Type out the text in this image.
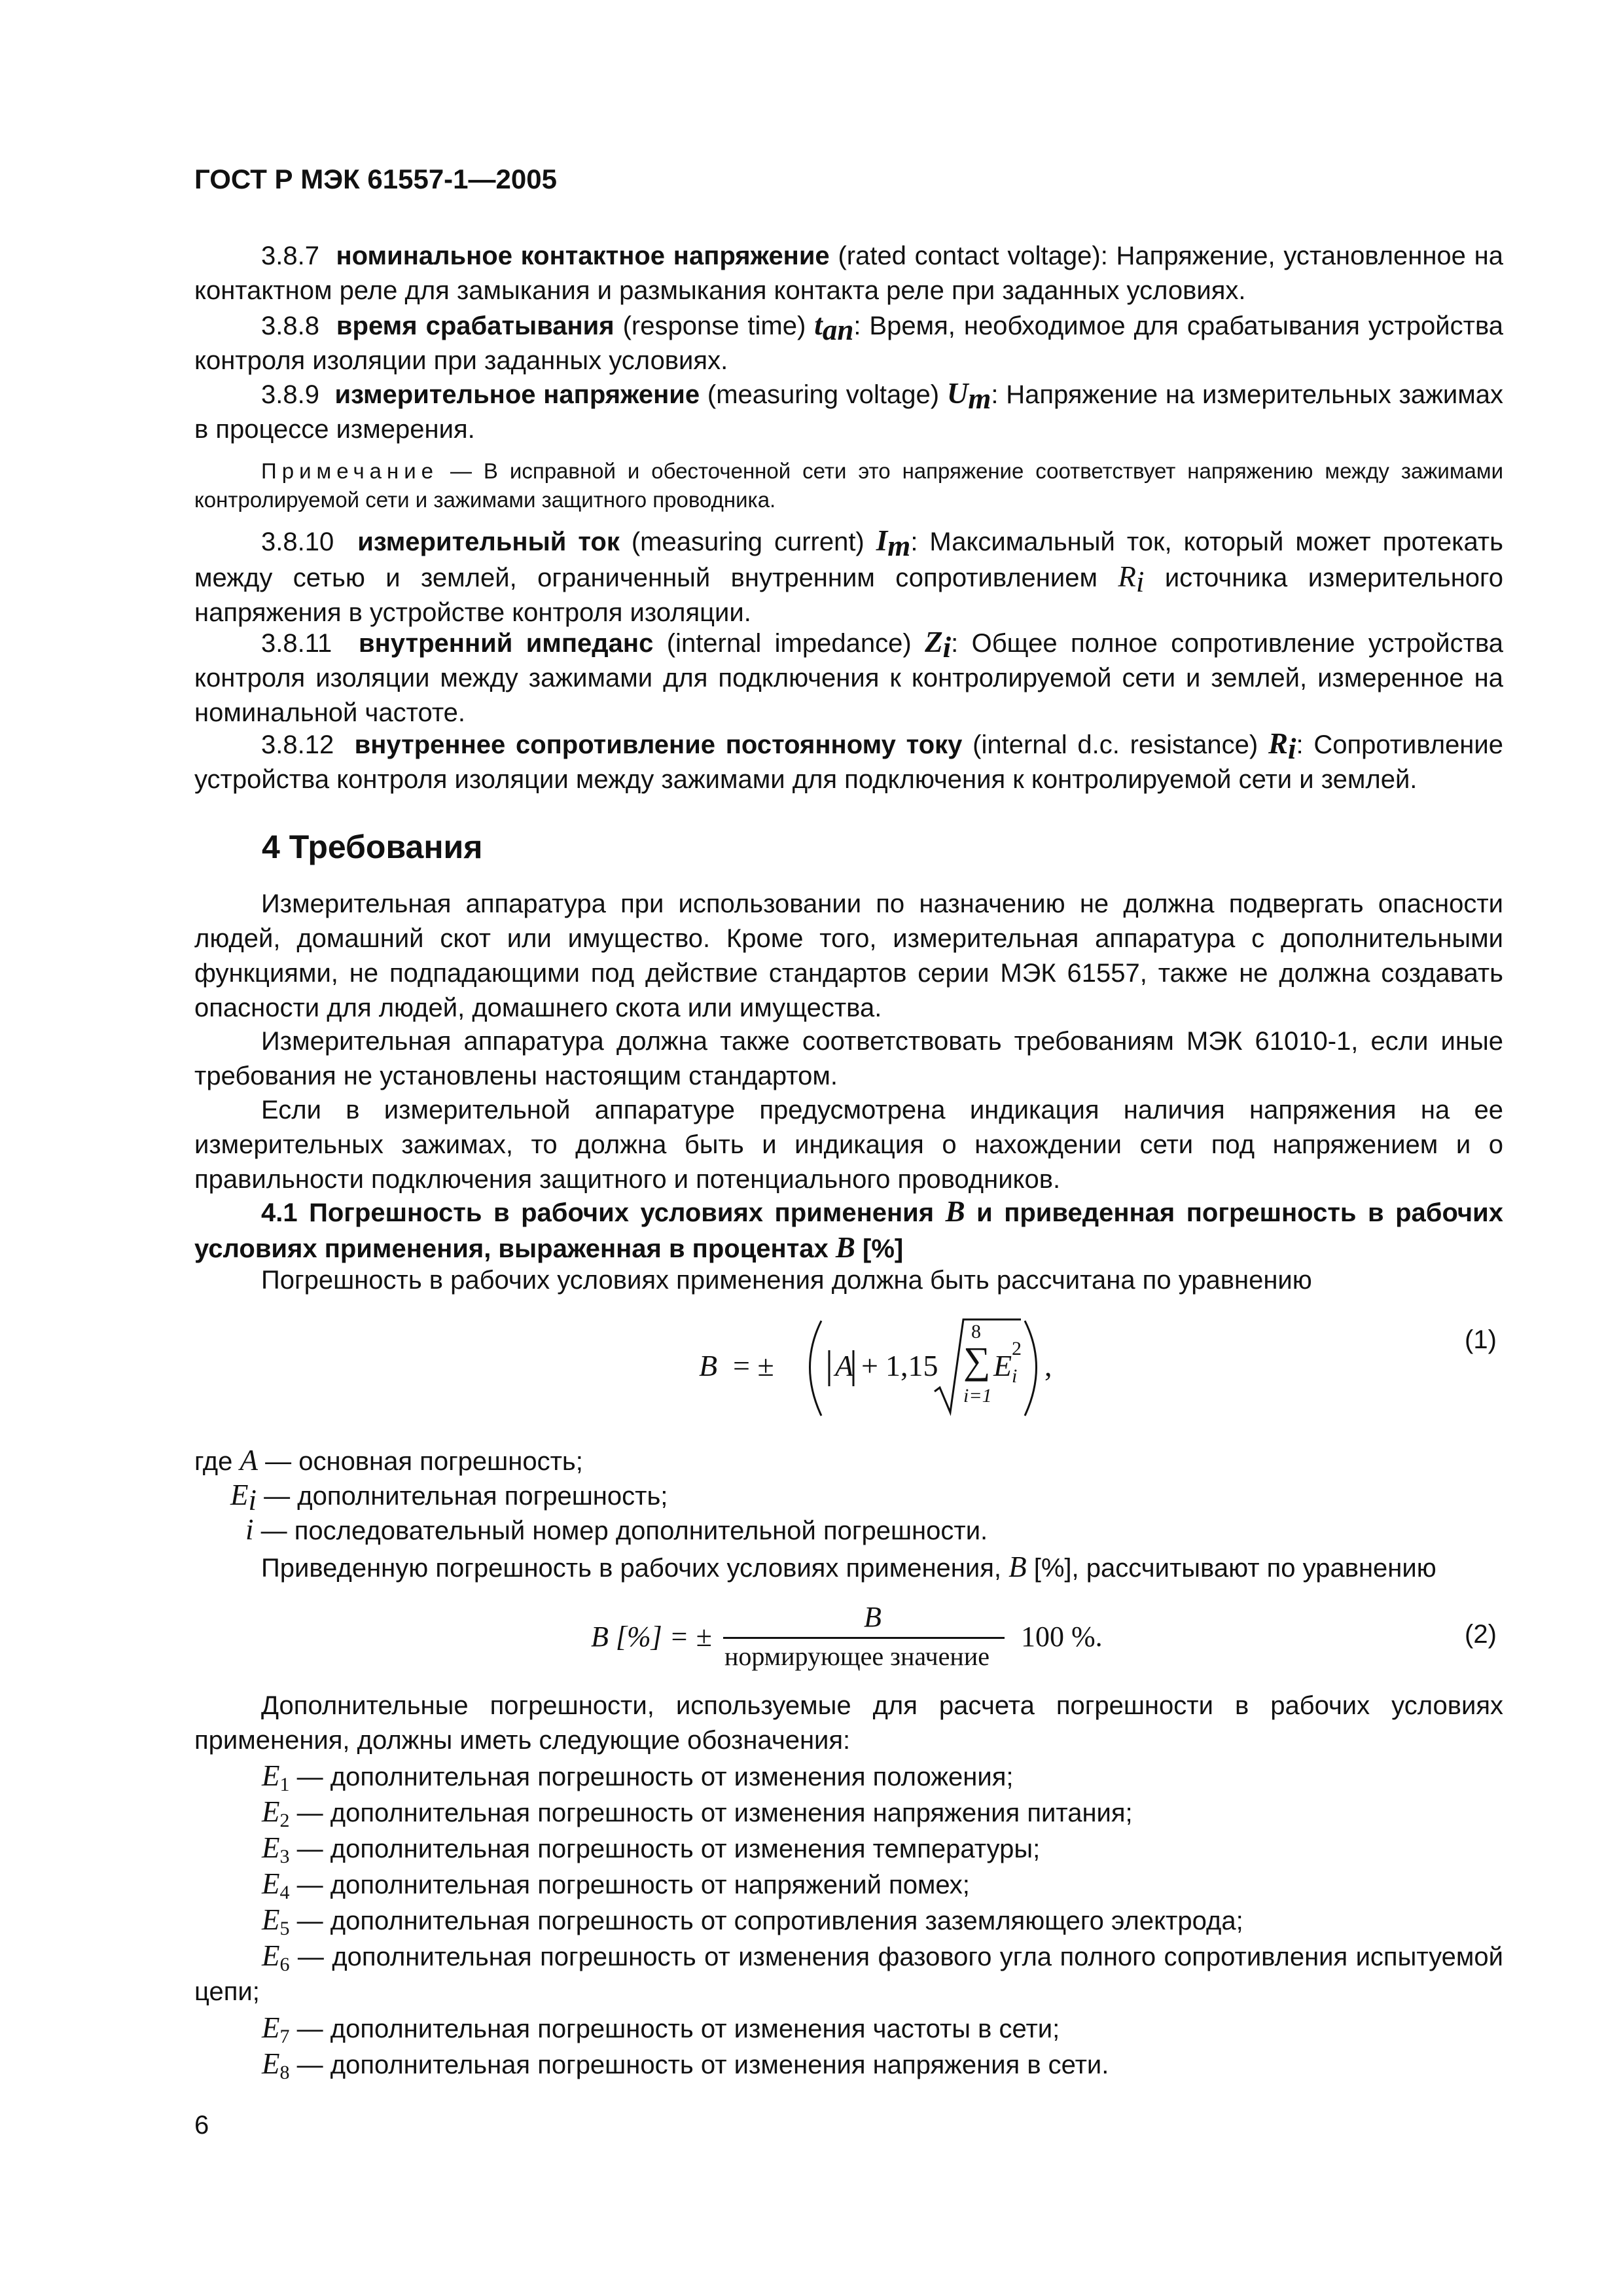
ГОСТ Р МЭК 61557-1—2005

3.8.7 номинальное контактное напряжение (rated contact voltage): Напряжение, установленное на контактном реле для замыкания и размыкания контакта реле при заданных условиях.

3.8.8 время срабатывания (response time) $t_{an}$: Время, необходимое для срабатывания устройства контроля изоляции при заданных условиях.

3.8.9 измерительное напряжение (measuring voltage) $U_m$: Напряжение на измерительных зажимах в процессе измерения.

Примечание — В исправной и обесточенной сети это напряжение соответствует напряжению между зажимами контролируемой сети и зажимами защитного проводника.

3.8.10 измерительный ток (measuring current) $I_m$: Максимальный ток, который может протекать между сетью и землей, ограниченный внутренним сопротивлением $R_i$ источника измерительного напряжения в устройстве контроля изоляции.

3.8.11 внутренний импеданс (internal impedance) $Z_i$: Общее полное сопротивление устройства контроля изоляции между зажимами для подключения к контролируемой сети и землей, измеренное на номинальной частоте.

3.8.12 внутреннее сопротивление постоянному току (internal d.c. resistance) $R_i$: Сопротивление устройства контроля изоляции между зажимами для подключения к контролируемой сети и землей.

4 Требования

Измерительная аппаратура при использовании по назначению не должна подвергать опасности людей, домашний скот или имущество. Кроме того, измерительная аппаратура с дополнительными функциями, не подпадающими под действие стандартов серии МЭК 61557, также не должна создавать опасности для людей, домашнего скота или имущества.

Измерительная аппаратура должна также соответствовать требованиям МЭК 61010-1, если иные требования не установлены настоящим стандартом.

Если в измерительной аппаратуре предусмотрена индикация наличия напряжения на ее измерительных зажимах, то должна быть и индикация о нахождении сети под напряжением и о правильности подключения защитного и потенциального проводников.

4.1 Погрешность в рабочих условиях применения B и приведенная погрешность в рабочих условиях применения, выраженная в процентах B [%]

Погрешность в рабочих условиях применения должна быть рассчитана по уравнению

B = ± A + 1,15
8
∑
i=1
E i
2
,
(1)
где A — основная погрешность;
$E_i$ — дополнительная погрешность;
i — последовательный номер дополнительной погрешности.

Приведенную погрешность в рабочих условиях применения, B [%], рассчитывают по уравнению

B [%] = ±
B
нормирующее значение
100 %.	(2)

Дополнительные погрешности, используемые для расчета погрешности в рабочих условиях применения, должны иметь следующие обозначения:

$E_1$ — дополнительная погрешность от изменения положения;
$E_2$ — дополнительная погрешность от изменения напряжения питания;
$E_3$ — дополнительная погрешность от изменения температуры;
$E_4$ — дополнительная погрешность от напряжений помех;
$E_5$ — дополнительная погрешность от сопротивления заземляющего электрода;

$E_6$ — дополнительная погрешность от изменения фазового угла полного сопротивления испытуемой цепи;

$E_7$ — дополнительная погрешность от изменения частоты в сети;
$E_8$ — дополнительная погрешность от изменения напряжения в сети.
6
